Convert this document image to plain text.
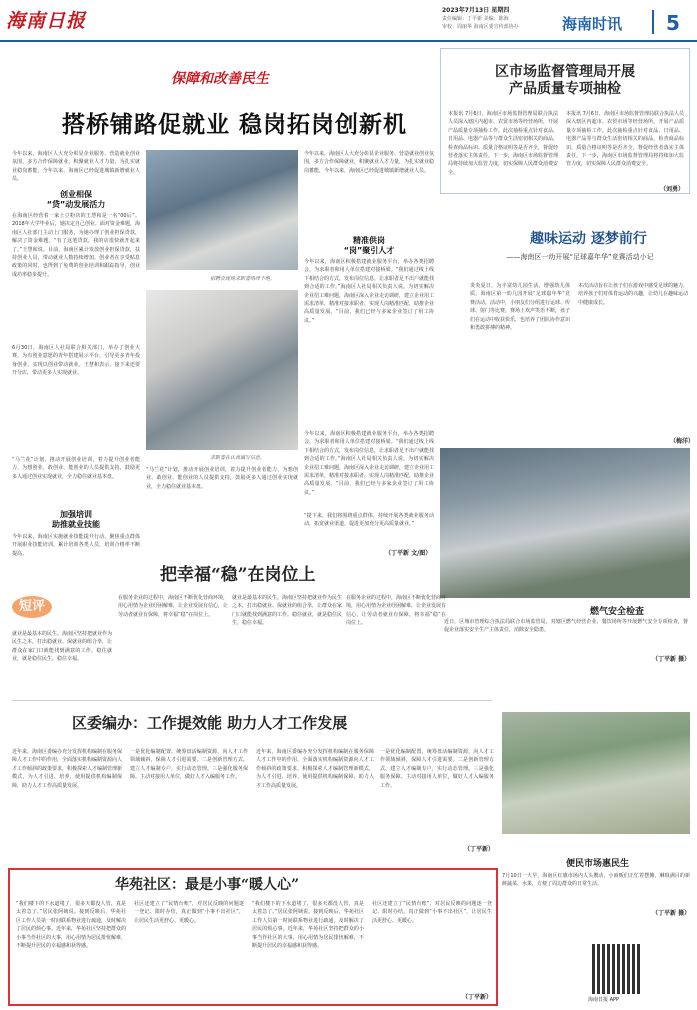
海南日报	2023年7月13日 星期四
责任编辑：丁平新 美编：陈海
审校：周丽华 海南区委宣传部协办	海南时讯 5
保障和改善民生
搭桥铺路促就业 稳岗拓岗创新机
今年以来，海南区人大充分彰显企业服务、营造就业创业氛围，多方合作保障就业，积聚就业人才力量，为扎实就业稳岗蓄能，今年以来，海南区已经促进城镇新增就业人员。
创业相保
“贷”动发展活力
在海南区经营着一家土豆粉店的王慧和是一名“00后”。2018年大学毕业后，她决定自己创业。面对资金难题，海南区人社部门主动上门服务，为她办理了创业担保贷款，解决了资金难题。“有了这笔贷款，我的店很快就开起来了。”王慧和说。目前，海南区累计发放创业担保贷款，扶持创业人员，带动就业人数持续增加。创业者在享受贴息政策的同时，也得到了免费的创业培训和跟踪指导，创业成功率稳步提升。
6月30日，海南区人社局联合相关部门，举办了创业大赛，为有创业意愿的青年搭建展示平台，引导更多青年投身创业，实现以创业带动就业。王慧和表示，接下来还要开分店，带动更多人实现就业。
“马兰花”计划，推动开展创业培训，着力提升创业者能力，为想创业、敢创业、能创业的人员提供支持，鼓励更多人通过创业实现就业，全力稳住就业基本盘。
加强培训
助推就业技能
今年以来，海南区实施就业技能提升行动，聚焦重点群体开展职业技能培训，累计培训各类人员，培训合格率不断提高。
招聘会现场求职者络绎不绝。
求职者在认真填写信息。
“马兰花”计划，推动开展创业培训，着力提升创业者能力，为想创业、敢创业、能创业的人员提供支持，鼓励更多人通过创业实现就业，全力稳住就业基本盘。
今年以来，海南区人大充分彰显企业服务、营造就业创业氛围，多方合作保障就业，积聚就业人才力量，为扎实就业稳岗蓄能，今年以来，海南区已经促进城镇新增就业人员。
精准供岗
“岗”聚引人才
今年以来，海南区积极搭建就业服务平台，举办各类招聘会，为求职者和用人单位搭建对接桥梁。“我们通过线上线下相结合的方式，发布岗位信息，让求职者足不出户就能找到合适的工作。”海南区人社局相关负责人说。为切实解决企业招工难问题，海南区深入企业走访调研，建立企业用工需求清单，精准对接求职者，实现人岗精准匹配，助推企业高质量发展。“目前，我们已经与多家企业签订了用工协议。”
今年以来，海南区积极搭建就业服务平台，举办各类招聘会，为求职者和用人单位搭建对接桥梁。“我们通过线上线下相结合的方式，发布岗位信息，让求职者足不出户就能找到合适的工作。”海南区人社局相关负责人说。为切实解决企业招工难问题，海南区深入企业走访调研，建立企业用工需求清单，精准对接求职者，实现人岗精准匹配，助推企业高质量发展。“目前，我们已经与多家企业签订了用工协议。”
“提下来，我们将围绕重点群体，持续开展各类就业服务活动，拓宽就业渠道，促进更加充分更高质量就业。”
（丁平新 文/图）
区市场监督管理局开展
产品质量专项抽检
本报讯 7月6日，海南区市场监督管理局联合执法人员深入辖区内超市、农贸市场等经营场所，开展产品质量专项抽检工作。此次抽检重点针对食品、日用品、电器产品等与群众生活密切相关的商品，检查商品标识、质量合格证明等是否齐全，督促经营者落实主体责任。下一步，海南区市场监督管理局将持续加大监管力度，切实保障人民群众消费安全。
本报讯 7月6日，海南区市场监督管理局联合执法人员深入辖区内超市、农贸市场等经营场所，开展产品质量专项抽检工作。此次抽检重点针对食品、日用品、电器产品等与群众生活密切相关的商品，检查商品标识、质量合格证明等是否齐全，督促经营者落实主体责任。下一步，海南区市场监督管理局将持续加大监管力度，切实保障人民群众消费安全。
（刘勇）
趣味运动 逐梦前行
——海南区一幼开展“足球嘉年华”竞赛活动小记
炎炎夏日，为丰富幼儿园生活，增强幼儿体质，海南区第一幼儿园开展“足球嘉年华”竞赛活动。活动中，小朋友们分组进行运球、传球、射门等比赛，赛场上欢声笑语不断，孩子们在运动中收获快乐，也培养了团队协作意识和勇敢拼搏的精神。
本次活动旨在让孩子们在游戏中感受足球的魅力，培养孩子们对体育运动的兴趣，让幼儿在趣味运动中健康成长。
（梅洋）
燃气安全检查
近日，区城市管理综合执法局联合市场监管局，对辖区燃气经营企业、餐饮场所等开展燃气安全专项检查，督促企业落实安全生产主体责任，消除安全隐患。
（丁平新 摄）
便民市场惠民生
7月10日一大早，海南区红旗市场内人头攒动，小商贩们正忙着摆摊，琳琅满目的新鲜蔬菜、水果，方便了周边群众的日常生活。
（丁平新 摄）
把幸福“稳”在岗位上
短评
就业是最基本的民生。海南区坚持把就业作为民生之本，打出稳就业、保就业的组合拳，让群众在家门口就能找到满意的工作。稳住就业，就是稳住民生，稳住幸福。
在服务企业的过程中，海南区不断优化营商环境，用心用情为企业纾困解难，让企业发展有信心，让劳动者就业有保障，将幸福“稳”在岗位上。
就业是最基本的民生。海南区坚持把就业作为民生之本，打出稳就业、保就业的组合拳，让群众在家门口就能找到满意的工作。稳住就业，就是稳住民生，稳住幸福。
在服务企业的过程中，海南区不断优化营商环境，用心用情为企业纾困解难，让企业发展有信心，让劳动者就业有保障，将幸福“稳”在岗位上。
区委编办：工作提效能 助力人才工作发展
近年来，海南区委编办充分发挥机构编制在服务保障人才工作中的作用，全面落实机构编制资源向人才工作倾斜的政策要求，积极探索人才编制管理新模式，为人才引进、培养、使用提供机构编制保障，助力人才工作高质量发展。
一是优化编制配置。统筹盘活编制资源，向人才工作领域倾斜，保障人才引进需要。二是创新管理方式。建立人才编制专户，实行动态管理。三是强化服务保障。主动对接用人单位，做好人才入编服务工作。
近年来，海南区委编办充分发挥机构编制在服务保障人才工作中的作用，全面落实机构编制资源向人才工作倾斜的政策要求，积极探索人才编制管理新模式，为人才引进、培养、使用提供机构编制保障，助力人才工作高质量发展。
一是优化编制配置。统筹盘活编制资源，向人才工作领域倾斜，保障人才引进需要。二是创新管理方式。建立人才编制专户，实行动态管理。三是强化服务保障。主动对接用人单位，做好人才入编服务工作。
（丁平新）
华苑社区：最是小事“暖人心”
“我们楼下的下水道堵了，很多天都没人管，真是太着急了。”居民张阿姨说。接到反映后，华苑社区工作人员第一时间联系物业进行疏通，及时解决了居民的烦心事。近年来，华苑社区坚持把群众的小事当作社区的大事，用心用情为居民排忧解难，不断提升居民的幸福感和获得感。
社区还建立了“民情台账”，对居民反映的问题逐一登记、限时办结，真正做到“小事不出社区”，让居民生活更舒心、更暖心。
“我们楼下的下水道堵了，很多天都没人管，真是太着急了。”居民张阿姨说。接到反映后，华苑社区工作人员第一时间联系物业进行疏通，及时解决了居民的烦心事。近年来，华苑社区坚持把群众的小事当作社区的大事，用心用情为居民排忧解难，不断提升居民的幸福感和获得感。
社区还建立了“民情台账”，对居民反映的问题逐一登记、限时办结，真正做到“小事不出社区”，让居民生活更舒心、更暖心。
（丁平新）	海南日报 APP
